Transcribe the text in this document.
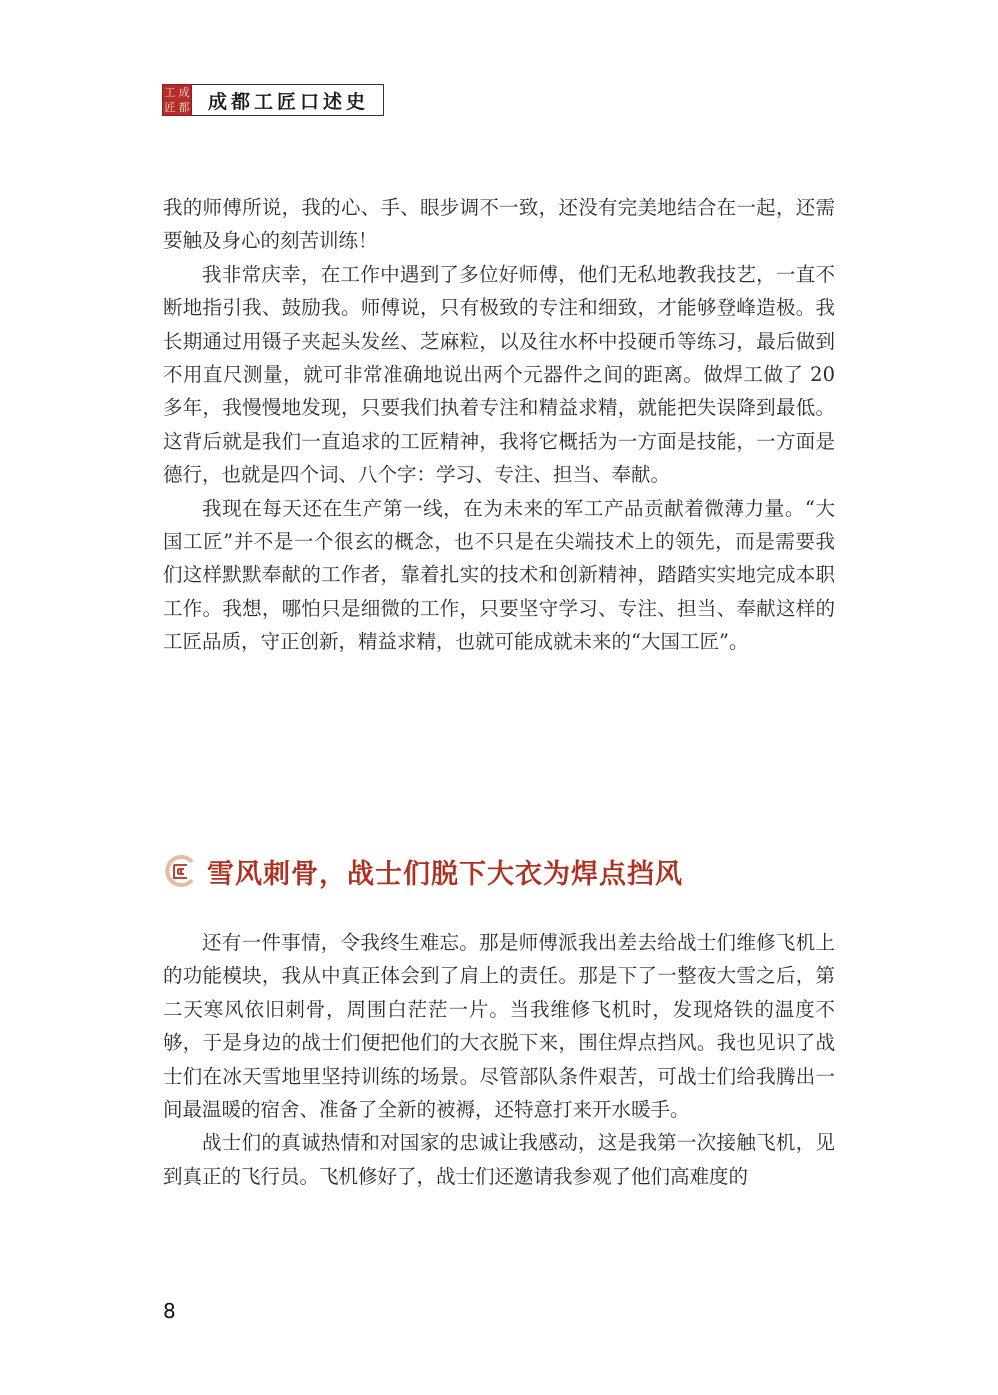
工 成
匠 都 成都工匠口述史

我的师傅所说，我的心、手、眼步调不一致，还没有完美地结合在一起，还需要触及身心的刻苦训练！

我非常庆幸，在工作中遇到了多位好师傅，他们无私地教我技艺，一直不断地指引我、鼓励我。师傅说，只有极致的专注和细致，才能够登峰造极。我长期通过用镊子夹起头发丝、芝麻粒，以及往水杯中投硬币等练习，最后做到不用直尺测量，就可非常准确地说出两个元器件之间的距离。做焊工做了 20 多年，我慢慢地发现，只要我们执着专注和精益求精，就能把失误降到最低。这背后就是我们一直追求的工匠精神，我将它概括为一方面是技能，一方面是德行，也就是四个词、八个字：学习、专注、担当、奉献。

我现在每天还在生产第一线，在为未来的军工产品贡献着微薄力量。“大国工匠”并不是一个很玄的概念，也不只是在尖端技术上的领先，而是需要我们这样默默奉献的工作者，靠着扎实的技术和创新精神，踏踏实实地完成本职工作。我想，哪怕只是细微的工作，只要坚守学习、专注、担当、奉献这样的工匠品质，守正创新，精益求精，也就可能成就未来的“大国工匠”。

雪风刺骨，战士们脱下大衣为焊点挡风

还有一件事情，令我终生难忘。那是师傅派我出差去给战士们维修飞机上的功能模块，我从中真正体会到了肩上的责任。那是下了一整夜大雪之后，第二天寒风依旧刺骨，周围白茫茫一片。当我维修飞机时，发现烙铁的温度不够，于是身边的战士们便把他们的大衣脱下来，围住焊点挡风。我也见识了战士们在冰天雪地里坚持训练的场景。尽管部队条件艰苦，可战士们给我腾出一间最温暖的宿舍、准备了全新的被褥，还特意打来开水暖手。

战士们的真诚热情和对国家的忠诚让我感动，这是我第一次接触飞机，见到真正的飞行员。飞机修好了，战士们还邀请我参观了他们高难度的

8
